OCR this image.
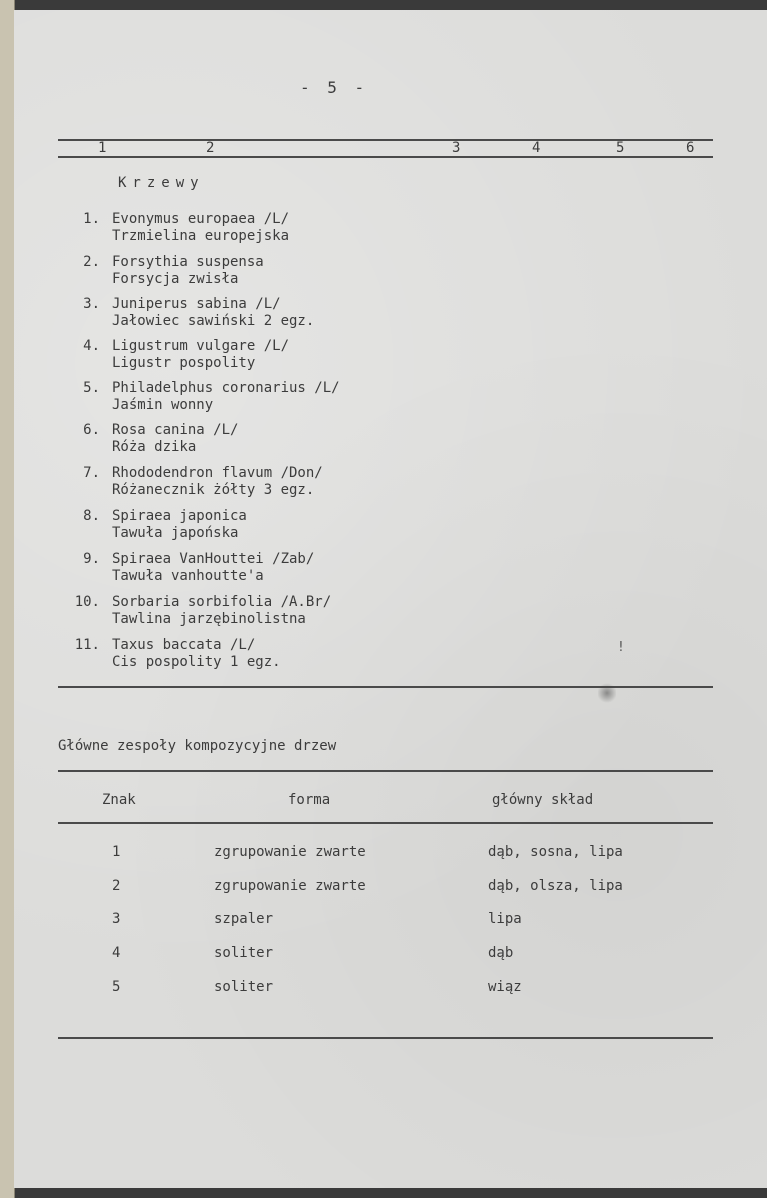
- 5 -
1	2	3	4	5	6
Krzewy
1. Evonymus europaea /L/
Trzmielina europejska
2. Forsythia suspensa
Forsycja zwisła
3. Juniperus sabina /L/
Jałowiec sawiński 2 egz.
4. Ligustrum vulgare /L/
Ligustr pospolity
5. Philadelphus coronarius /L/
Jaśmin wonny
6. Rosa canina /L/
Róża dzika
7. Rhododendron flavum /Don/
Różanecznik żółty 3 egz.
8. Spiraea japonica
Tawuła japońska
9. Spiraea VanHouttei /Zab/
Tawuła vanhoutte'a
10. Sorbaria sorbifolia /A.Br/
Tawlina jarzębinolistna
11. Taxus baccata /L/
Cis pospolity 1 egz.
!
Główne zespoły kompozycyjne drzew
Znak	forma	główny skład
1	zgrupowanie zwarte	dąb, sosna, lipa
2	zgrupowanie zwarte	dąb, olsza, lipa
3	szpaler	lipa
4	soliter	dąb
5	soliter	wiąz
